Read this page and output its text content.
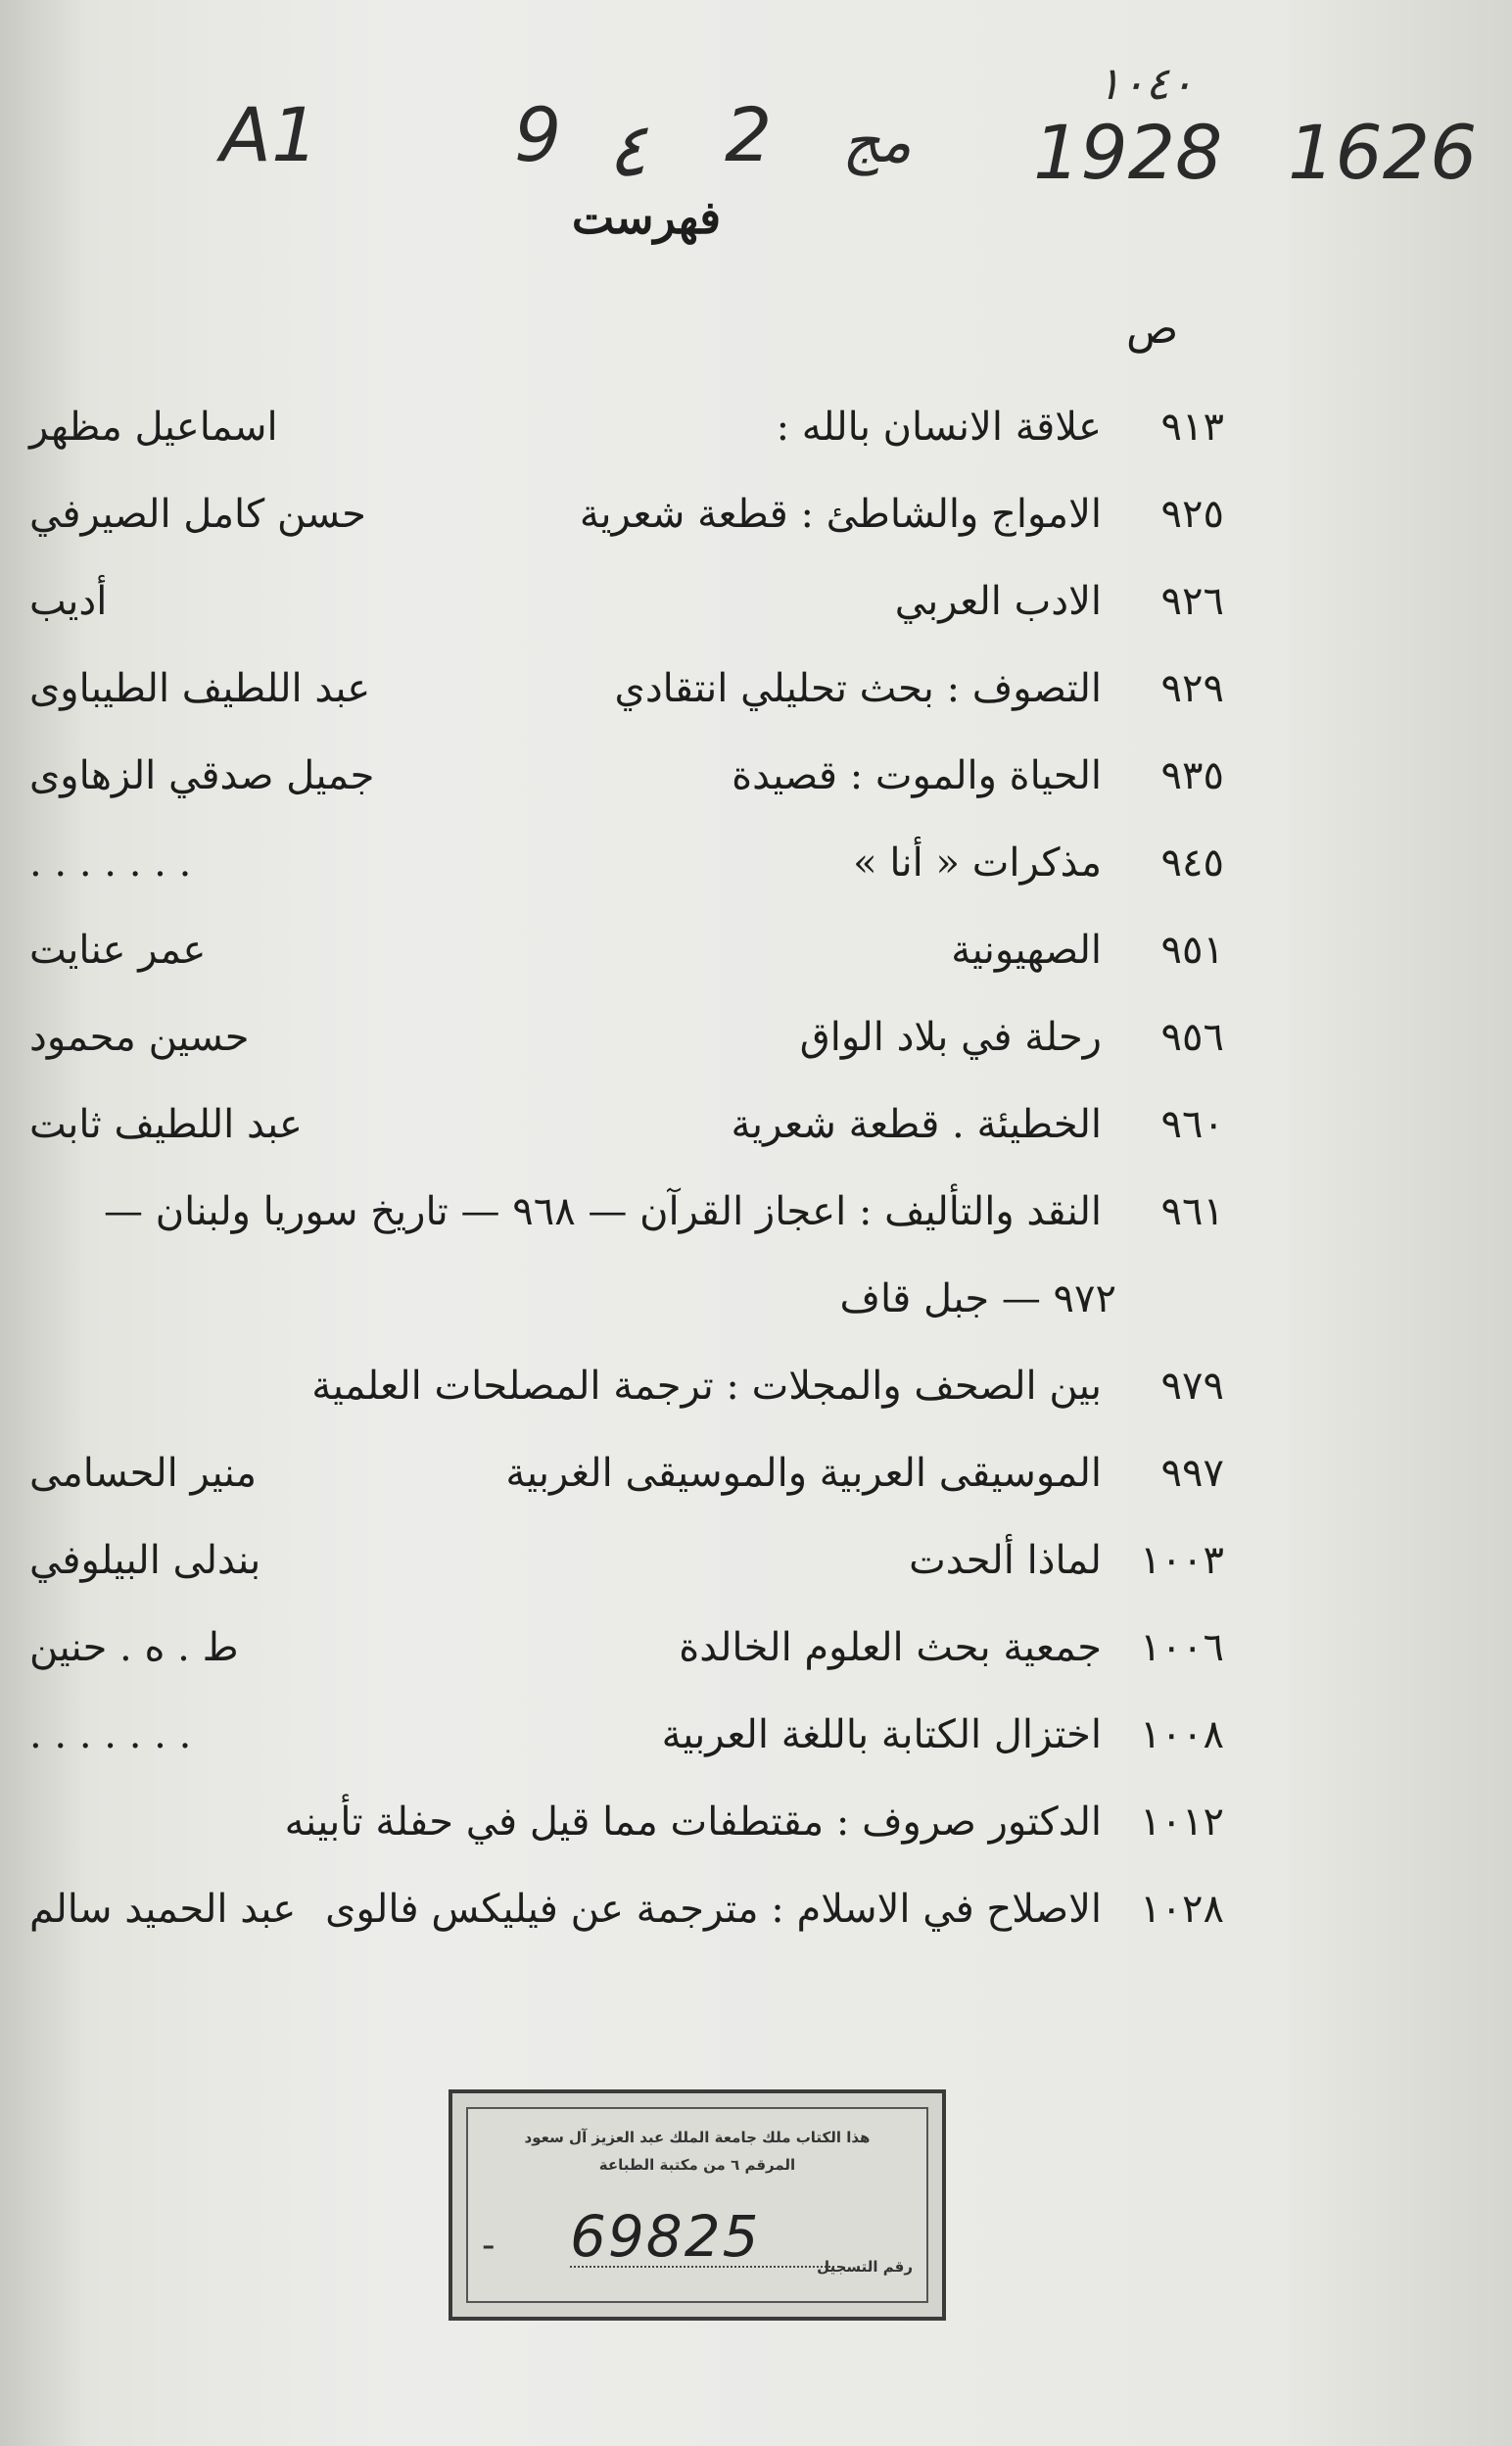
A1	9 ٤ 2 مج
١٠٤٠
1928 1626
فهرست
ص
٩١٣
علاقة الانسان بالله :
اسماعيل مظهر
٩٢٥
الامواج والشاطئ : قطعة شعرية
حسن كامل الصيرفي
٩٢٦
الادب العربي
أديب
٩٢٩
التصوف : بحث تحليلي انتقادي
عبد اللطيف الطيباوى
٩٣٥
الحياة والموت : قصيدة
جميل صدقي الزهاوى
٩٤٥
مذكرات « أنا »
. . . . . . .
٩٥١
الصهيونية
عمر عنايت
٩٥٦
رحلة في بلاد الواق
حسين محمود
٩٦٠
الخطيئة . قطعة شعرية
عبد اللطيف ثابت
٩٦١
النقد والتأليف : اعجاز القرآن — ٩٦٨ — تاريخ سوريا ولبنان —
٩٧٢ — جبل قاف
٩٧٩
بين الصحف والمجلات : ترجمة المصلحات العلمية
٩٩٧
الموسيقى العربية والموسيقى الغربية
منير الحسامى
١٠٠٣
لماذا ألحدت
بندلى البيلوفي
١٠٠٦
جمعية بحث العلوم الخالدة
ط . ه . حنين
١٠٠٨
اختزال الكتابة باللغة العربية
. . . . . . .
١٠١٢
الدكتور صروف : مقتطفات مما قيل في حفلة تأبينه
١٠٢٨
الاصلاح في الاسلام : مترجمة عن فيليكس فالوى
عبد الحميد سالم
هذا الكتاب ملك جامعة الملك عبد العزيز آل سعود
المرقم ٦ من مكتبة الطباعة
69825
-	رقم التسجيل
